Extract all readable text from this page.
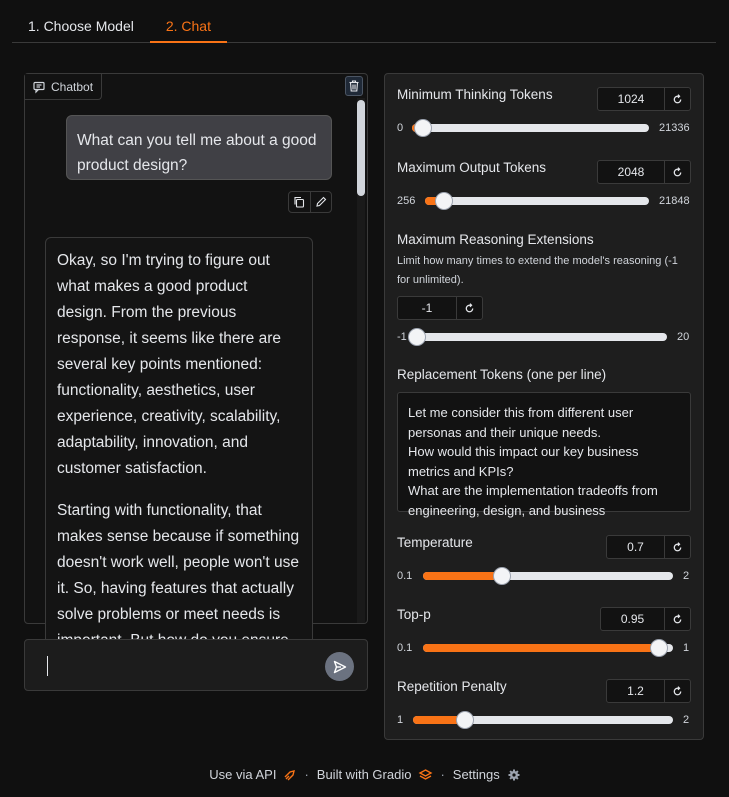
1. Choose Model	2. Chat
Chatbot
What can you tell me about a good product design?

Okay, so I'm trying to figure out what makes a good product design. From the previous response, it seems like there are several key points mentioned: functionality, aesthetics, user experience, creativity, scalability, adaptability, innovation, and customer satisfaction.

Starting with functionality, that makes sense because if something doesn't work well, people won't use it. So, having features that actually solve problems or meet needs is

Minimum Thinking Tokens
1024
0	21336
Maximum Output Tokens
2048
256	21848
Maximum Reasoning Extensions
Limit how many times to extend the model's reasoning (-1 for unlimited).
-1
-1	20
Replacement Tokens (one per line)
Let me consider this from different user personas and their unique needs.
How would this impact our key business metrics and KPIs?
What are the implementation tradeoffs from engineering, design, and business
Temperature
0.7
0.1	2
Top-p
0.95
0.1	1
Repetition Penalty
1.2
1	2
Use via API · Built with Gradio · Settings
